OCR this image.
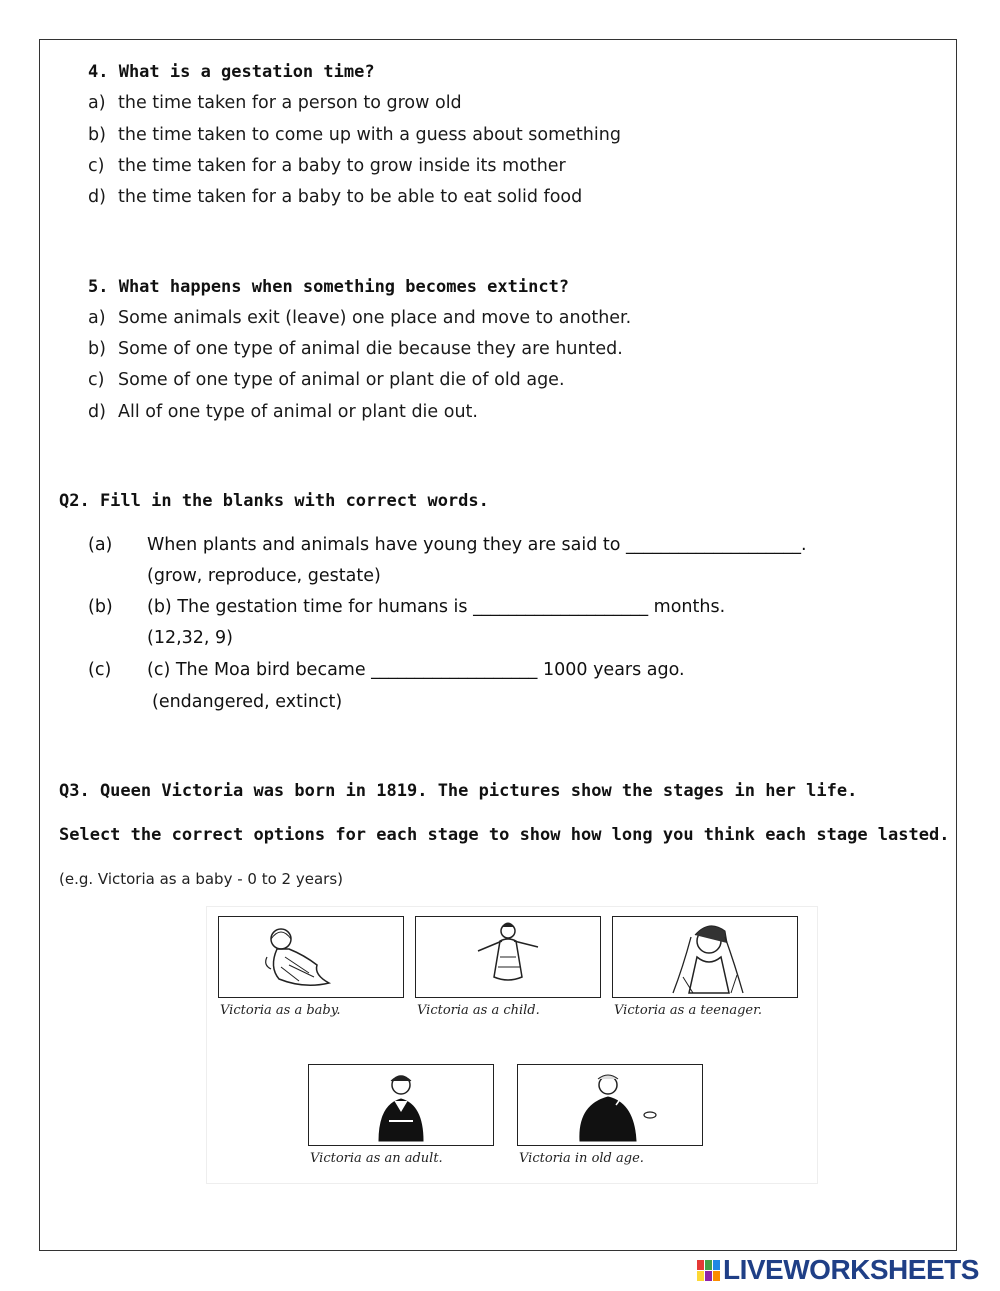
4. What is a gestation time?
a) the time taken for a person to grow old
b) the time taken to come up with a guess about something
c) the time taken for a baby to grow inside its mother
d) the time taken for a baby to be able to eat solid food
5. What happens when something becomes extinct?
a) Some animals exit (leave) one place and move to another.
b) Some of one type of animal die because they are hunted.
c) Some of one type of animal or plant die of old age.
d) All of one type of animal or plant die out.
Q2. Fill in the blanks with correct words.
(a) When plants and animals have young they are said to ____________________.
(grow, reproduce, gestate)
(b) (b) The gestation time for humans is ____________________ months.
(12,32, 9)
(c) (c) The Moa bird became ___________________ 1000 years ago.
(endangered, extinct)
Q3. Queen Victoria was born in 1819. The pictures show the stages in her life.
Select the correct options for each stage to show how long you think each stage lasted.
(e.g. Victoria as a baby - 0 to 2 years)
Victoria as a baby.	Victoria as a child.	Victoria as a teenager.
Victoria as an adult.	Victoria in old age.
LIVEWORKSHEETS
